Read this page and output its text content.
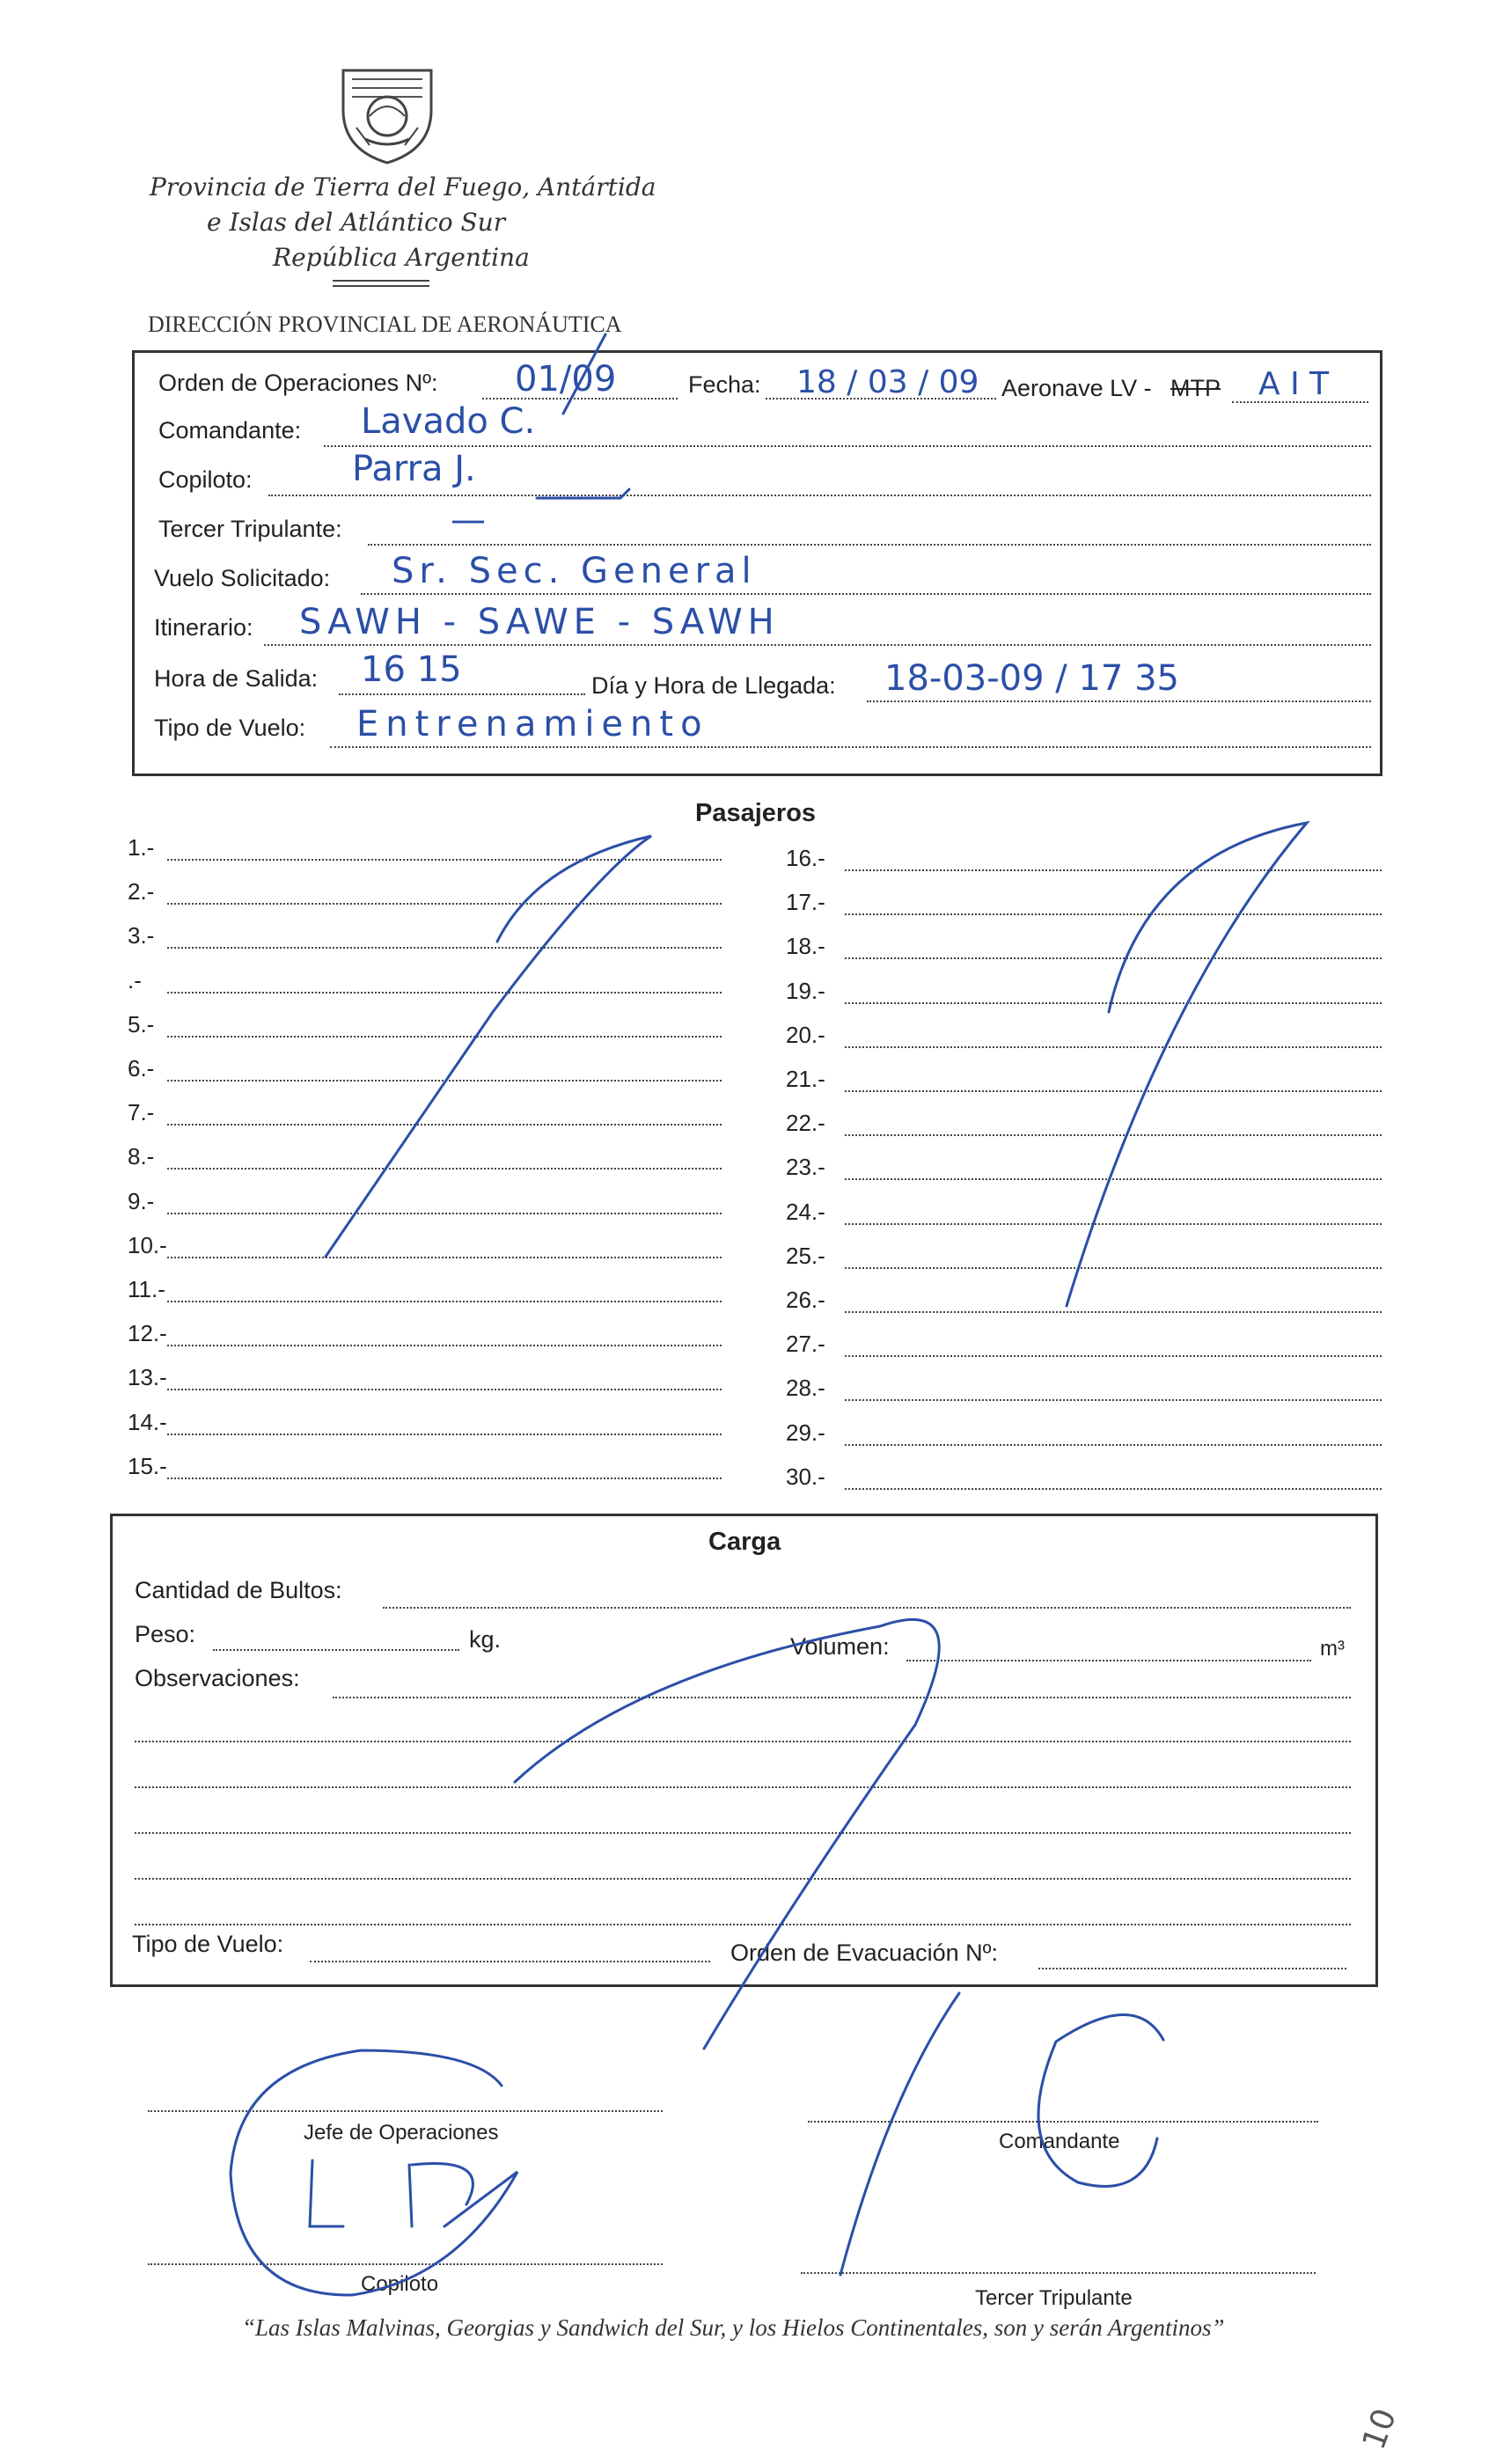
Provincia de Tierra del Fuego, Antártida
e Islas del Atlántico Sur
República Argentina
DIRECCIÓN PROVINCIAL DE AERONÁUTICA
Orden de Operaciones Nº: 01/09	Fecha: 18 / 03 / 09 Aeronave LV - MTP A I T
Comandante: Lavado C.
Copiloto:	Parra J.
Tercer Tripulante:	—
Vuelo Solicitado: Sr. Sec. General
Itinerario: SAWH - SAWE - SAWH
Hora de Salida: 16 15	Día y Hora de Llegada: 18-03-09 / 17 35
Tipo de Vuelo: Entrenamiento
Pasajeros
1.-
2.-
3.-
.-
5.-
6.-
7.-
8.-
9.-
10.-
11.-
12.-
13.-
14.-
15.-
16.-
17.-
18.-
19.-
20.-
21.-
22.-
23.-
24.-
25.-
26.-
27.-
28.-
29.-
30.-
Carga
Cantidad de Bultos:
Peso:	kg.	Volumen:	m³
Observaciones:
Tipo de Vuelo:	Orden de Evacuación Nº:
Jefe de Operaciones	Comandante
Copiloto
Tercer Tripulante
“Las Islas Malvinas, Georgias y Sandwich del Sur, y los Hielos Continentales, son y serán Argentinos”
10
